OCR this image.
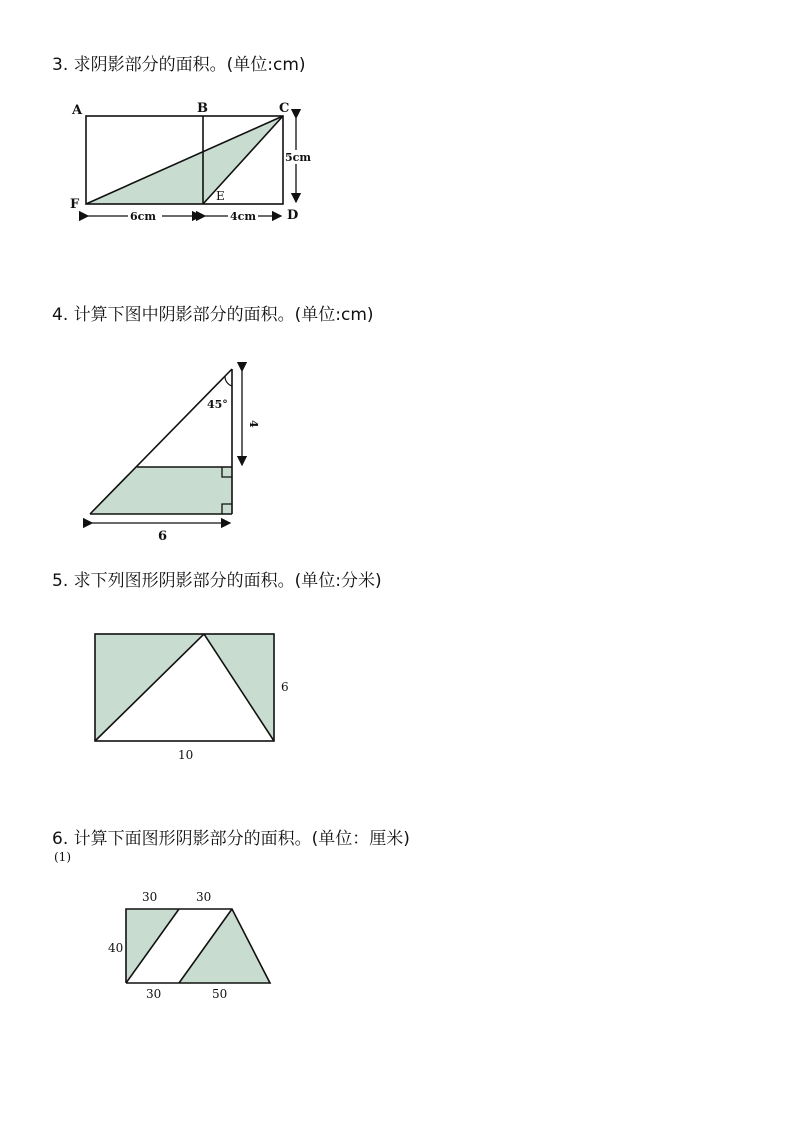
3. 求阴影部分的面积。(单位:cm)
4. 计算下图中阴影部分的面积。(单位:cm)
5. 求下列图形阴影部分的面积。(单位:分米)
6. 计算下面图形阴影部分的面积。(单位：厘米)
(1)
A	B	C
D
E
F
6cm	4cm
5cm
45°
4
6
6
10
30	30
40
30	50
